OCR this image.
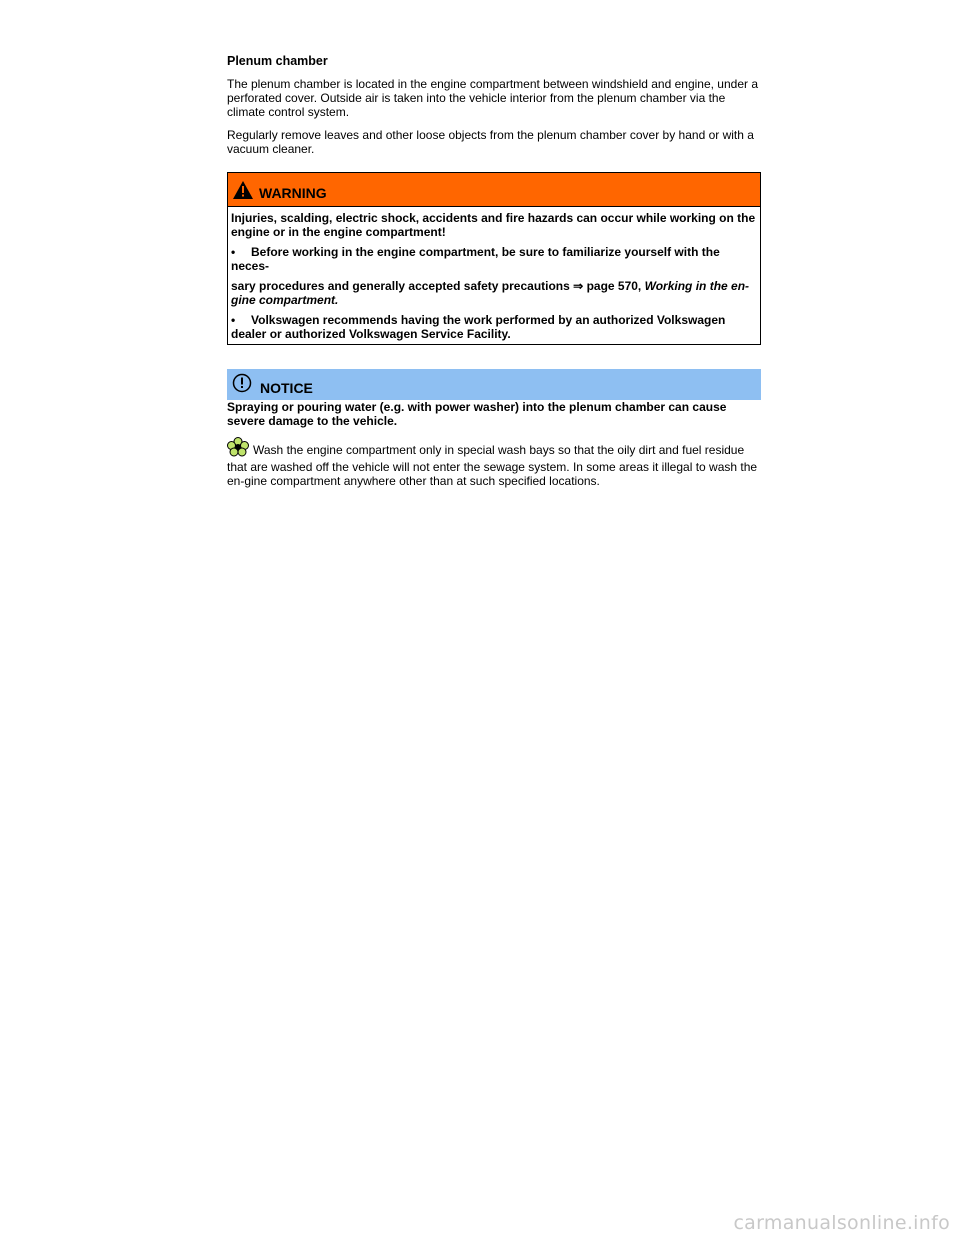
Plenum chamber

The plenum chamber is located in the engine compartment between windshield and engine, under a perforated cover. Outside air is taken into the vehicle interior from the plenum chamber via the climate control system.

Regularly remove leaves and other loose objects from the plenum chamber cover by hand or with a vacuum cleaner.

WARNING

Injuries, scalding, electric shock, accidents and fire hazards can occur while working on the engine or in the engine compartment!

• Before working in the engine compartment, be sure to familiarize yourself with the neces-

sary procedures and generally accepted safety precautions ⇒ page 570, Working in the en-gine compartment.

• Volkswagen recommends having the work performed by an authorized Volkswagen dealer or authorized Volkswagen Service Facility.

NOTICE

Spraying or pouring water (e.g. with power washer) into the plenum chamber can cause severe damage to the vehicle.

Wash the engine compartment only in special wash bays so that the oily dirt and fuel residue that are washed off the vehicle will not enter the sewage system. In some areas it illegal to wash the en-gine compartment anywhere other than at such specified locations.

carmanualsonline.info
